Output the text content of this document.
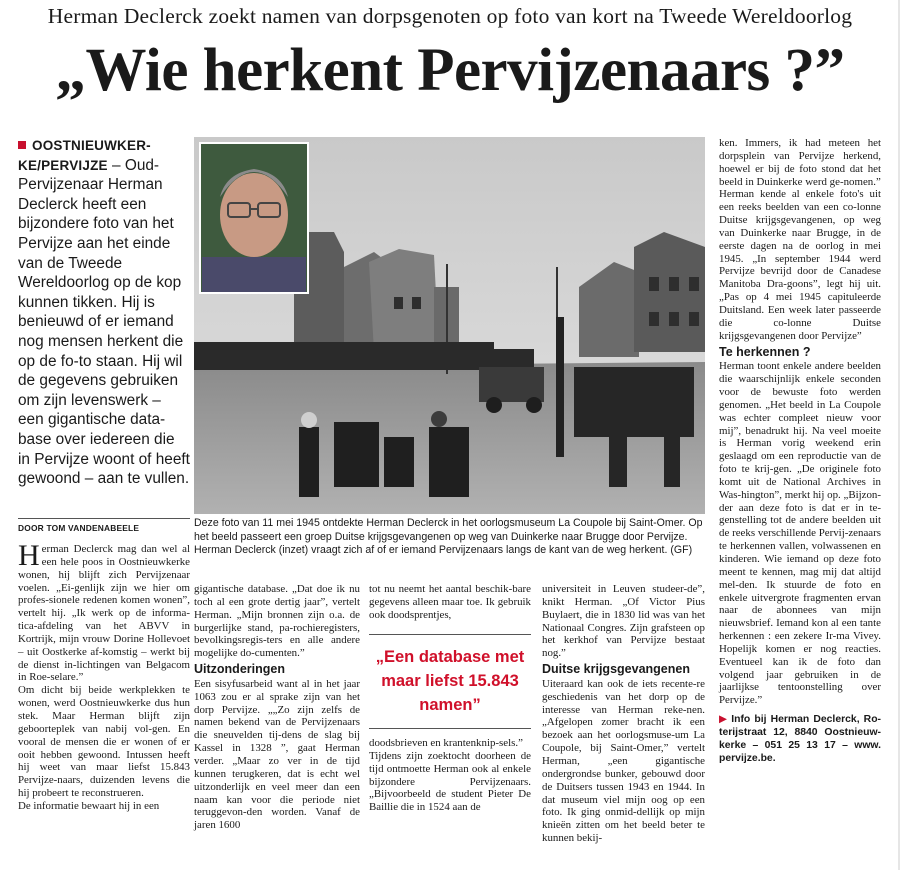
Herman Declerck zoekt namen van dorpsgenoten op foto van kort na Tweede Wereldoorlog
„Wie herkent Pervijzenaars ?”
OOSTNIEUWKER-KE/PERVIJZE – Oud-Pervijzenaar Herman Declerck heeft een bijzondere foto van het Pervijze aan het einde van de Tweede Wereldoorlog op de kop kunnen tikken. Hij is benieuwd of er iemand nog mensen herkent die op de fo-to staan. Hij wil de gegevens gebruiken om zijn levenswerk – een gigantische data-base over iedereen die in Pervijze woont of heeft gewoond – aan te vullen.
DOOR TOM VANDENABEELE	Deze foto van 11 mei 1945 ontdekte Herman Declerck in het oorlogsmuseum La Coupole bij Saint-Omer. Op het beeld passeert een groep Duitse krijgsgevangenen op weg van Duinkerke naar Brugge door Pervijze. Herman Declerck (inzet) vraagt zich af of er iemand Pervijzenaars langs de kant van de weg herkent. (GF)
H erman Declerck mag dan wel al een hele poos in Oostnieuwkerke wonen, hij blijft zich Pervijzenaar voelen. „Ei-genlijk zijn we hier om profes-sionele redenen komen wonen”, vertelt hij. „Ik werk op de informa-tica-afdeling van het ABVV in Kortrijk, mijn vrouw Dorine Hollevoet – uit Oostkerke af-komstig – werkt bij de dienst in-lichtingen van Belgacom in Roe-selare.”

Om dicht bij beide werkplekken te wonen, werd Oostnieuwkerke dus hun stek. Maar Herman blijft zijn geboorteplek van nabij vol-gen. En vooral de mensen die er wonen of er ooit hebben gewoond. Intussen heeft hij weet van maar liefst 15.843 Pervijze-naars, duizenden levens die hij probeert te reconstrueren.

De informatie bewaart hij in een

gigantische database. „Dat doe ik nu toch al een grote dertig jaar”, vertelt Herman. „Mijn bronnen zijn o.a. de burgerlijke stand, pa-rochieregisters, bevolkingsregis-ters en alle andere mogelijke do-cumenten.”

Uitzonderingen

Een sisyfusarbeid want al in het jaar 1063 zou er al sprake zijn van het dorp Pervijze. „„Zo zijn zelfs de namen bekend van de Pervijzenaars die sneuvelden tij-dens de slag bij Kassel in 1328 ”, gaat Herman verder. „Maar zo ver in de tijd kunnen terugkeren, dat is echt wel uitzonderlijk en veel meer dan een naam kan voor die periode niet teruggevon-den worden. Vanaf de jaren 1600

tot nu neemt het aantal beschik-bare gegevens alleen maar toe. Ik gebruik ook doodsprentjes,

„Een database met maar liefst 15.843 namen”

doodsbrieven en krantenknip-sels.”

Tijdens zijn zoektocht doorheen de tijd ontmoette Herman ook al enkele bijzondere Pervijzenaars. „Bijvoorbeeld de student Pieter De Baillie die in 1524 aan de

universiteit in Leuven studeer-de”, knikt Herman. „Of Victor Pius Buylaert, die in 1830 lid was van het Nationaal Congres. Zijn grafsteen op het kerkhof van Pervijze bestaat nog.”

Duitse krijgsgevangenen

Uiteraard kan ook de iets recente-re geschiedenis van het dorp op de interesse van Herman reke-nen. „Afgelopen zomer bracht ik een bezoek aan het oorlogsmuse-um La Coupole, bij Saint-Omer,” vertelt Herman, „een gigantische ondergrondse bunker, gebouwd door de Duitsers tussen 1943 en 1944. In dat museum viel mijn oog op een foto. Ik ging onmid-dellijk op mijn knieën zitten om het beeld beter te kunnen bekij-

ken. Immers, ik had meteen het dorpsplein van Pervijze herkend, hoewel er bij de foto stond dat het beeld in Duinkerke werd ge-nomen.”

Herman kende al enkele foto's uit een reeks beelden van een co-lonne Duitse krijgsgevangenen, op weg van Duinkerke naar Brugge, in de eerste dagen na de oorlog in mei 1945. „In september 1944 werd Pervijze bevrijd door de Canadese Manitoba Dra-goons”, legt hij uit. „Pas op 4 mei 1945 capituleerde Duitsland. Een week later passeerde die co-lonne Duitse krijgsgevangenen door Pervijze”

Te herkennen ?

Herman toont enkele andere beelden die waarschijnlijk enkele seconden voor de bewuste foto werden genomen. „Het beeld in La Coupole was echter compleet nieuw voor mij”, benadrukt hij. Na veel moeite is Herman vorig weekend erin geslaagd om een reproductie van de foto te krij-gen. „De originele foto komt uit de National Archives in Was-hington”, merkt hij op. „Bijzon-der aan deze foto is dat er in te-genstelling tot de andere beelden uit de reeks verschillende Pervij-zenaars te herkennen vallen, volwassenen en kinderen. Wie iemand op deze foto meent te kennen, mag mij dat altijd mel-den. Ik stuurde de foto en enkele uitvergrote fragmenten ervan naar de abonnees van mijn nieuwsbrief. Iemand kon al een tante herkennen : een zekere Ir-ma Vivey. Hopelijk komen er nog reacties. Eventueel kan ik de foto dan volgend jaar gebruiken in de jaarlijkse tentoonstelling over Pervijze.”

▶ Info bij Herman Declerck, Ro-terijstraat 12, 8840 Oostnieuw-kerke – 051 25 13 17 – www. pervijze.be.
